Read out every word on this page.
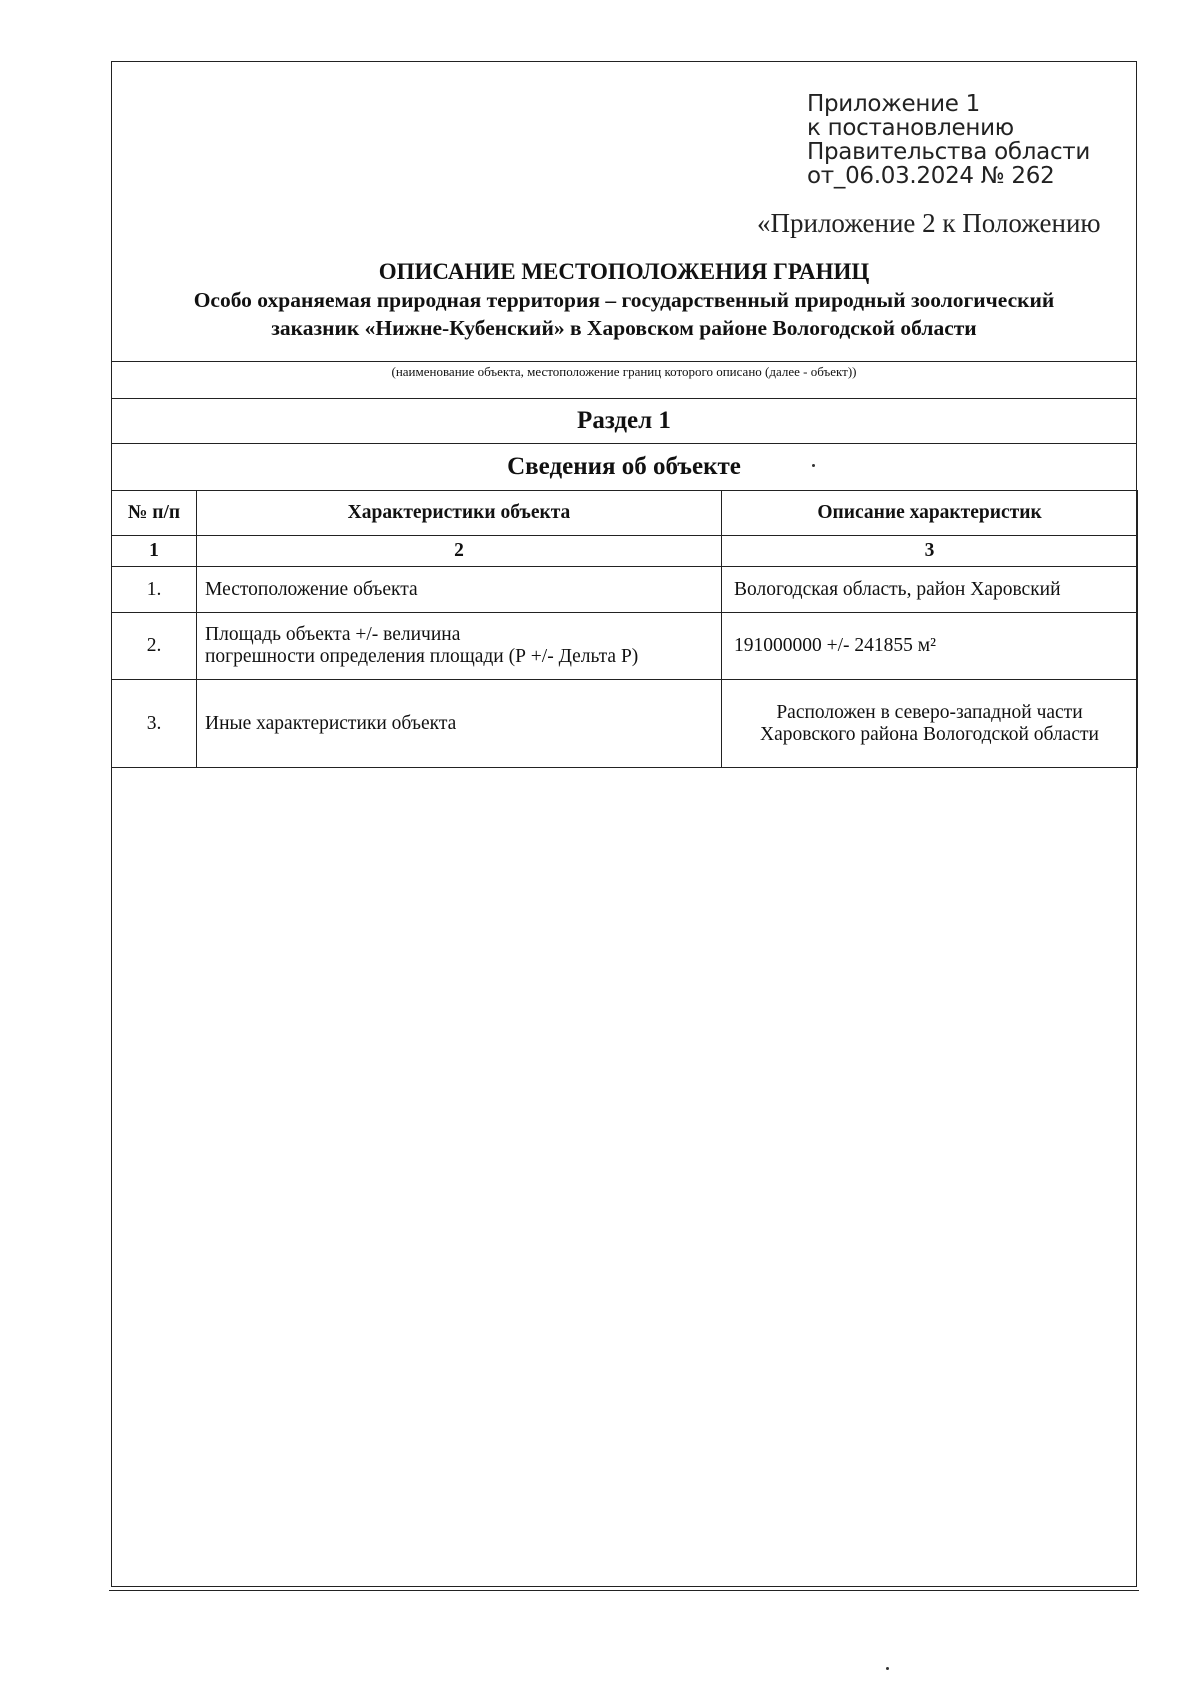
Приложение 1
к постановлению
Правительства области
от_06.03.2024 № 262
«Приложение 2 к Положению
ОПИСАНИЕ МЕСТОПОЛОЖЕНИЯ ГРАНИЦ
Особо охраняемая природная территория – государственный природный зоологический
заказник «Нижне-Кубенский» в Харовском районе Вологодской области
(наименование объекта, местоположение границ которого описано (далее - объект))
Раздел 1
Сведения об объекте
№ п/п	Характеристики объекта	Описание характеристик
1	2	3
1.	Местоположение объекта	Вологодская область, район Харовский
2.	Площадь объекта +/- величина
погрешности определения площади (Р +/- Дельта Р)	191000000 +/- 241855 м²
3.	Иные характеристики объекта	Расположен в северо-западной части
Харовского района Вологодской области
